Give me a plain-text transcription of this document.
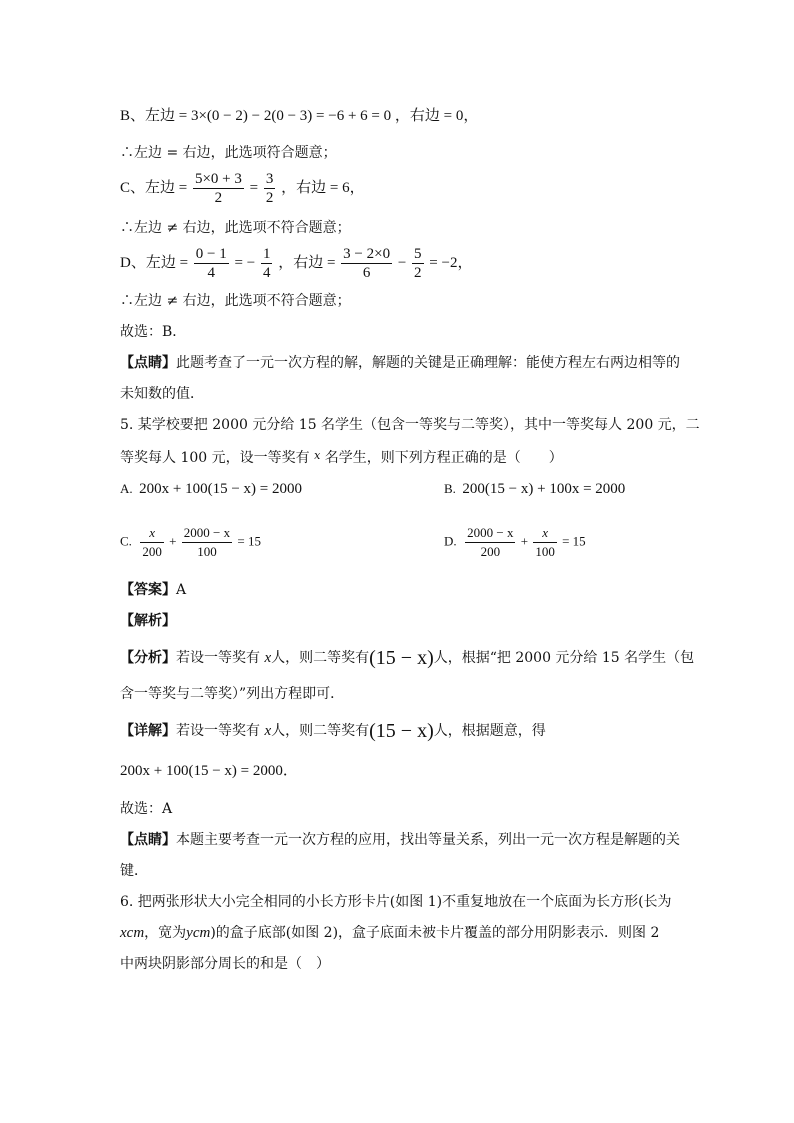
B、左边 = 3×(0 − 2) − 2(0 − 3) = −6 + 6 = 0 ，右边 = 0，
∴左边 = 右边，此选项符合题意；
C、左边 = $\frac{5\times 0 + 3}{2} = \frac{3}{2}$ ，右边 = 6，
∴左边 ≠ 右边，此选项不符合题意；
D、左边 = $\frac{0 - 1}{4}$ = − $\frac{1}{4}$ ，右边 = $\frac{3 - 2\times 0}{6} - \frac{5}{2} = -2$，
∴左边 ≠ 右边，此选项不符合题意；
故选：B．
【点睛】此题考查了一元一次方程的解，解题的关键是正确理解：能使方程左右两边相等的
未知数的值．
5. 某学校要把 2000 元分给 15 名学生（包含一等奖与二等奖），其中一等奖每人 200 元，二
等奖每人 100 元，设一等奖有 $^x$ 名学生，则下列方程正确的是（　　）
A. 200x + 100(15 − x) = 2000	B. 200(15 − x) + 100x = 2000
C. $\frac{x}{200} + \frac{2000 - x}{100} = 15$	D. $\frac{2000 - x}{200} + \frac{x}{100} = 15$
【答案】A
【解析】
【分析】若设一等奖有 x人，则二等奖有(15 − x)人，根据“把 2000 元分给 15 名学生（包
含一等奖与二等奖）”列出方程即可．
【详解】若设一等奖有 x人，则二等奖有(15 − x)人，根据题意，得
200x + 100(15 − x) = 2000．
故选：A
【点睛】本题主要考查一元一次方程的应用，找出等量关系，列出一元一次方程是解题的关
键．
6. 把两张形状大小完全相同的小长方形卡片(如图 1)不重复地放在一个底面为长方形(长为
xcm，宽为ycm)的盒子底部(如图 2)，盒子底面未被卡片覆盖的部分用阴影表示．则图 2
中两块阴影部分周长的和是（　）
